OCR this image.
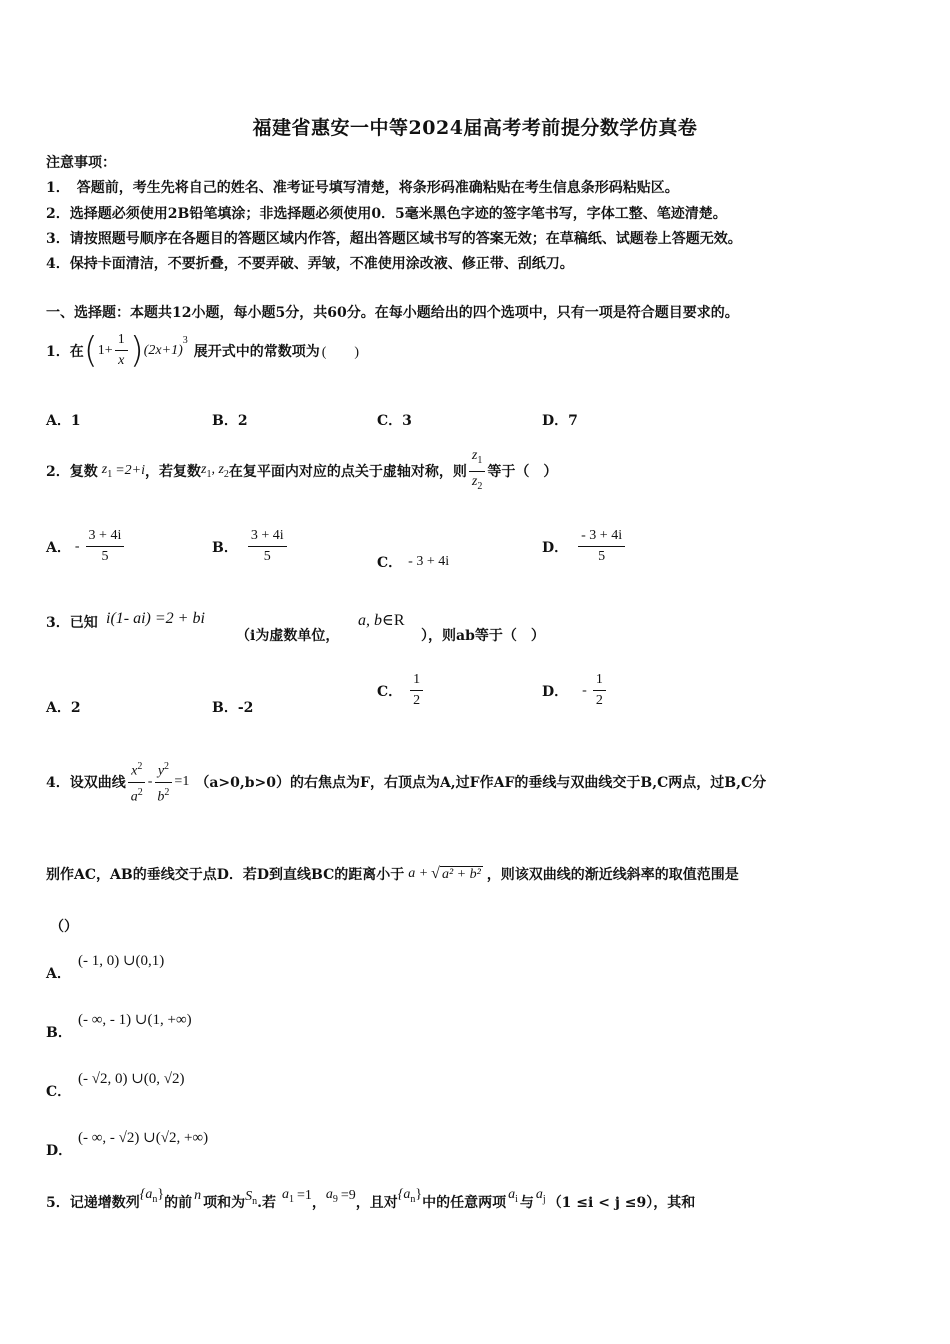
福建省惠安一中等2024届高考考前提分数学仿真卷
注意事项：
1．　答题前，考生先将自己的姓名、准考证号填写清楚，将条形码准确粘贴在考生信息条形码粘贴区。
2．选择题必须使用2B铅笔填涂；非选择题必须使用0．5毫米黑色字迹的签字笔书写，字体工整、笔迹清楚。
3．请按照题号顺序在各题目的答题区域内作答，超出答题区域书写的答案无效；在草稿纸、试题卷上答题无效。
4．保持卡面清洁，不要折叠，不要弄破、弄皱，不准使用涂改液、修正带、刮纸刀。
一、选择题：本题共12小题，每小题5分，共60分。在每小题给出的四个选项中，只有一项是符合题目要求的。
1．在 ( $1+ \frac{1}{x}$ ) (2x+1)
3
展开式中的常数项为 (　　)
A．1	B．2	C．3	D．7
2．复数 $z_1 =2+i$ ，若复数 $z_1$, $z_2$ 在复平面内对应的点关于虚轴对称，则 $\frac{z_1}{z_2}$ 等于（　）
A． - $\frac{3 + 4i}{5}$	B． $\frac{3 + 4i}{5}$	C． - 3 + 4i
D． $\frac{- 3 + 4i}{5}$
3．已知 i(1- ai) =2 + bi
（i为虚数单位，
a, b∈R
），则ab等于（　）
A．2	B．-2
C． $\frac{1}{2}$	D． - $\frac{1}{2}$
4．设双曲线 $\frac{x^2}{a^2} - \frac{y^2}{b^2} =1$ （a>0,b>0）的右焦点为F，右顶点为A,过F作AF的垂线与双曲线交于B,C两点，过B,C分
别作AC，AB的垂线交于点D．若D到直线BC的距离小于 a + √ a² + b² ，则该双曲线的渐近线斜率的取值范围是
（）
A．
(- 1, 0) ∪(0,1)
B．
(- ∞, - 1) ∪(1, +∞)
C．
(- √2, 0) ∪(0, √2)
D．
(- ∞, - √2) ∪(√2, +∞)
5．记递增数列
$\{a_n\}$
的前 n 项和为 $S_n$ .若
$a_1 =1$ ，
$a_9 =9$ ，且对
$\{a_n\}$
中的任意两项
$a_i$ 与
$a_j$ （1 ≤i < j ≤9），其和
